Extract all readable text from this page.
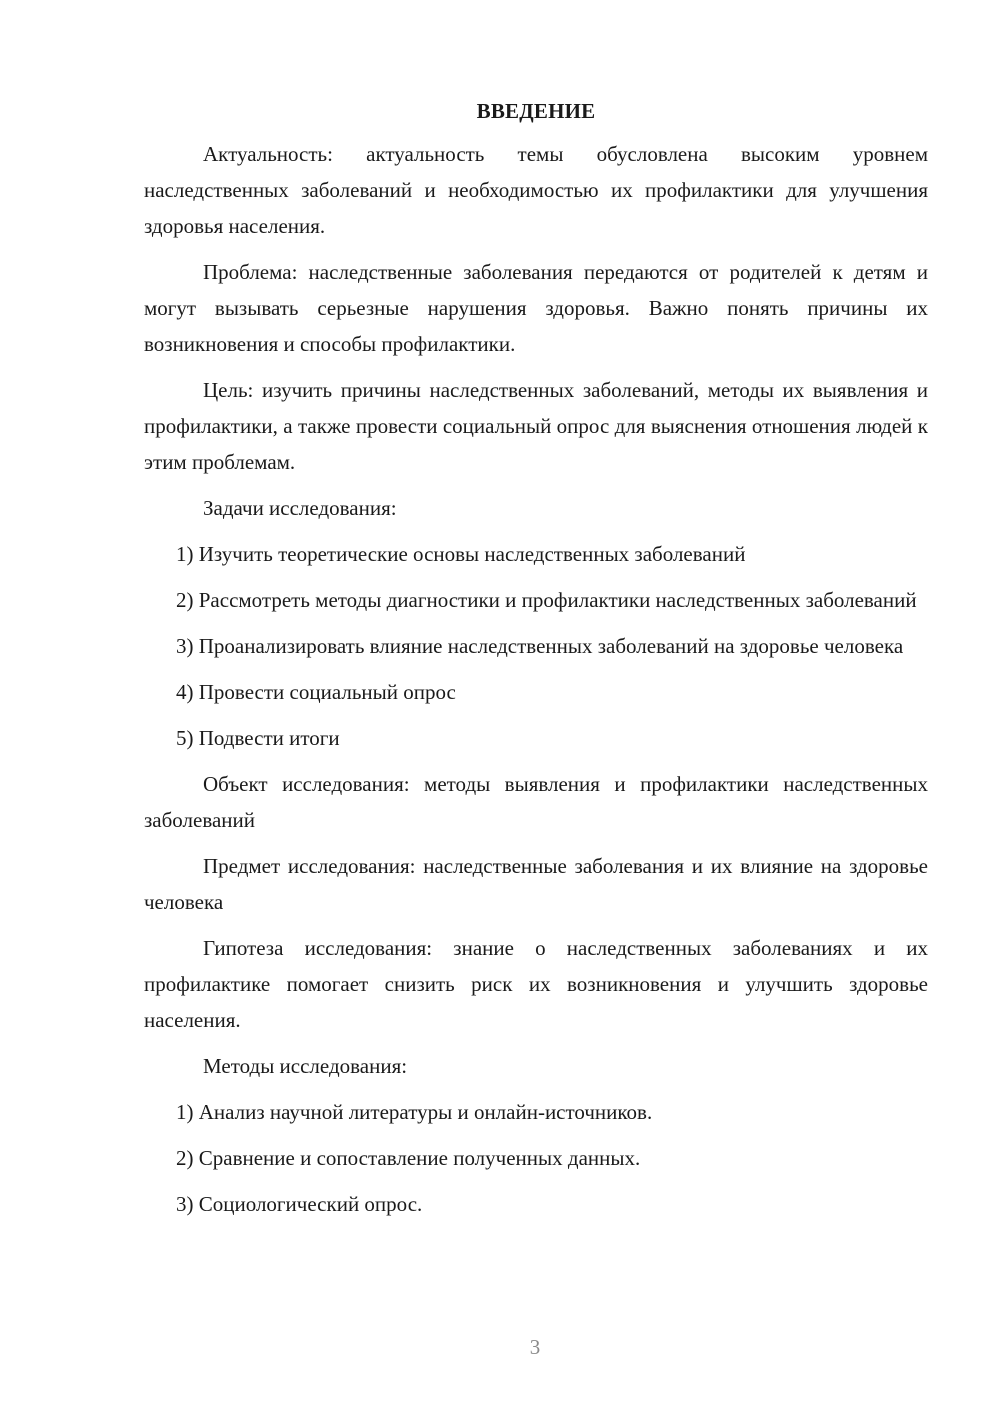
ВВЕДЕНИЕ

Актуальность: актуальность темы обусловлена высоким уровнем наследственных заболеваний и необходимостью их профилактики для улучшения здоровья населения.

Проблема: наследственные заболевания передаются от родителей к детям и могут вызывать серьезные нарушения здоровья. Важно понять причины их возникновения и способы профилактики.

Цель: изучить причины наследственных заболеваний, методы их выявления и профилактики, а также провести социальный опрос для выяснения отношения людей к этим проблемам.

Задачи исследования:

1) Изучить теоретические основы наследственных заболеваний

2) Рассмотреть методы диагностики и профилактики наследственных заболеваний

3) Проанализировать влияние наследственных заболеваний на здоровье человека

4) Провести социальный опрос

5) Подвести итоги

Объект исследования: методы выявления и профилактики наследственных заболеваний

Предмет исследования: наследственные заболевания и их влияние на здоровье человека

Гипотеза исследования: знание о наследственных заболеваниях и их профилактике помогает снизить риск их возникновения и улучшить здоровье населения.

Методы исследования:

1) Анализ научной литературы и онлайн-источников.

2) Сравнение и сопоставление полученных данных.

3) Социологический опрос.

3
